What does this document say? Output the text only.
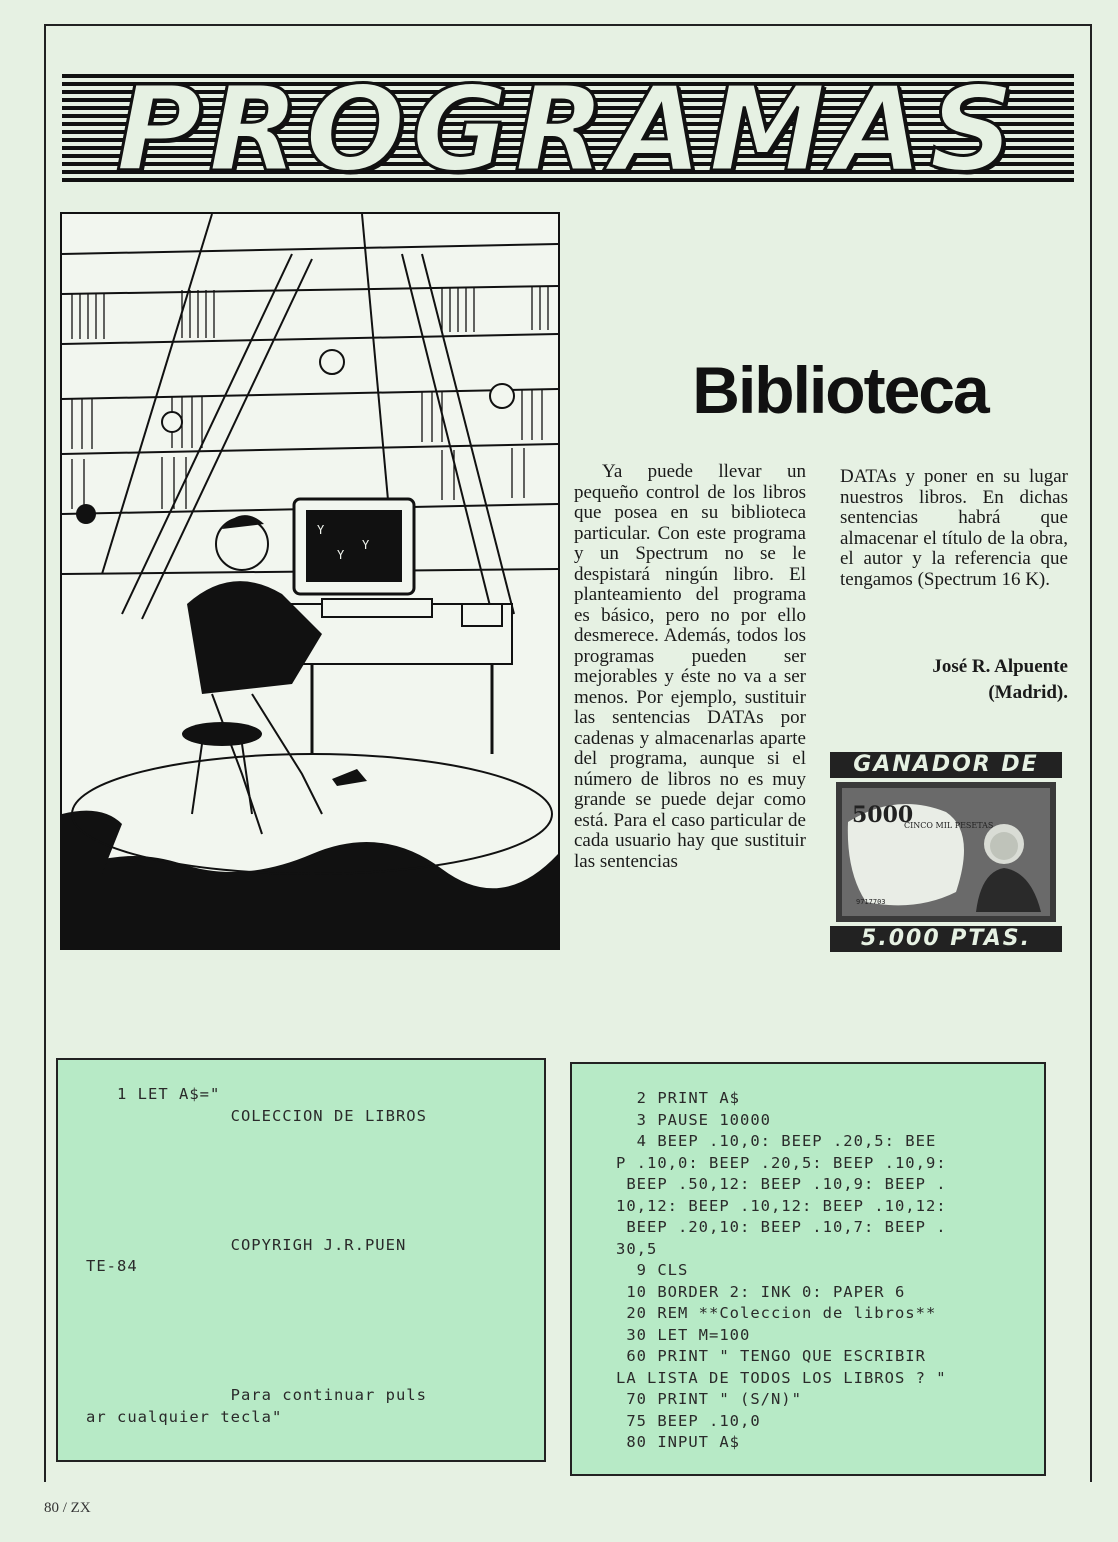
PROGRAMAS
Y
Y
Y
Biblioteca
Ya puede llevar un pequeño control de los libros que posea en su biblioteca particular. Con este programa y un Spectrum no se le despistará ningún libro. El planteamiento del programa es básico, pero no por ello desmerece. Además, todos los programas pueden ser mejorables y éste no va a ser menos. Por ejemplo, sustituir las sentencias DATAs por cadenas y almacenarlas aparte del programa, aunque si el número de libros no es muy grande se puede dejar como está. Para el caso particular de cada usuario hay que sustituir las sentencias
DATAs y poner en su lugar nuestros libros. En dichas sentencias habrá que almacenar el título de la obra, el autor y la referencia que tengamos (Spectrum 16 K).
José R. Alpuente
(Madrid).
GANADOR DE
5000
CINCO MIL PESETAS
9717703
5.000 PTAS.
1 LET A$="
COLECCION DE LIBROS

COPYRIGH J.R.PUEN
TE-84

Para continuar puls
ar cualquier tecla"
2 PRINT A$
3 PAUSE 10000
4 BEEP .10,0: BEEP .20,5: BEE
P .10,0: BEEP .20,5: BEEP .10,9:
BEEP .50,12: BEEP .10,9: BEEP .
10,12: BEEP .10,12: BEEP .10,12:
BEEP .20,10: BEEP .10,7: BEEP .
30,5
9 CLS
10 BORDER 2: INK 0: PAPER 6
20 REM **Coleccion de libros**
30 LET M=100
60 PRINT " TENGO QUE ESCRIBIR
LA LISTA DE TODOS LOS LIBROS ? "
70 PRINT " (S/N)"
75 BEEP .10,0
80 INPUT A$
80 / ZX
